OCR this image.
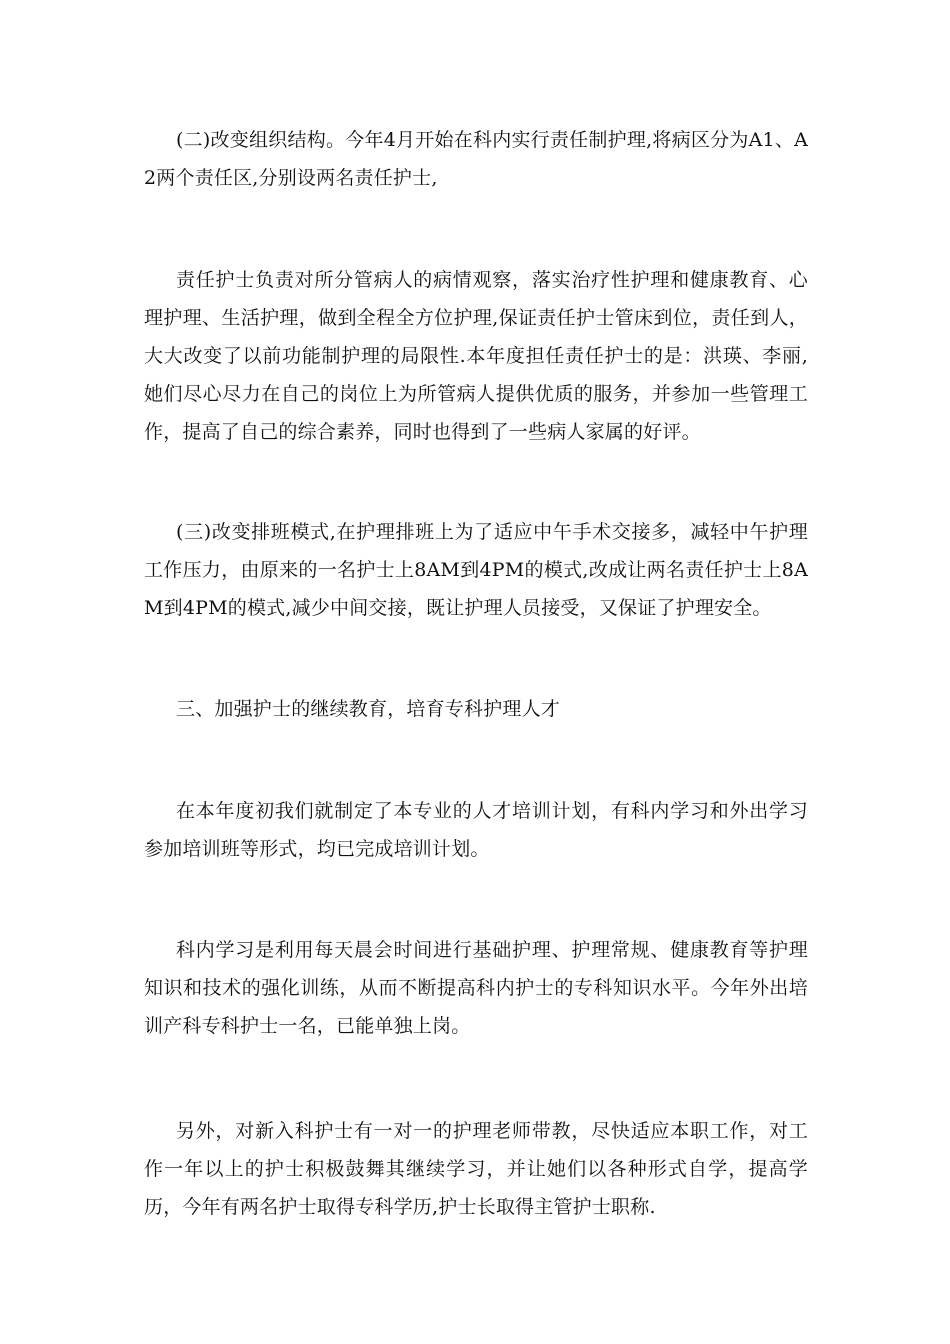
(二)改变组织结构。今年4月开始在科内实行责任制护理,将病区分为A1、A2两个责任区,分别设两名责任护士,

责任护士负责对所分管病人的病情观察，落实治疗性护理和健康教育、心理护理、生活护理，做到全程全方位护理,保证责任护士管床到位，责任到人，大大改变了以前功能制护理的局限性.本年度担任责任护士的是：洪瑛、李丽,她们尽心尽力在自己的岗位上为所管病人提供优质的服务，并参加一些管理工作，提高了自己的综合素养，同时也得到了一些病人家属的好评。

(三)改变排班模式,在护理排班上为了适应中午手术交接多，减轻中午护理工作压力，由原来的一名护士上8AM到4PM的模式,改成让两名责任护士上8AM到4PM的模式,减少中间交接，既让护理人员接受，又保证了护理安全。

三、加强护士的继续教育，培育专科护理人才

在本年度初我们就制定了本专业的人才培训计划，有科内学习和外出学习参加培训班等形式，均已完成培训计划。

科内学习是利用每天晨会时间进行基础护理、护理常规、健康教育等护理知识和技术的强化训练，从而不断提高科内护士的专科知识水平。今年外出培训产科专科护士一名，已能单独上岗。

另外，对新入科护士有一对一的护理老师带教，尽快适应本职工作，对工作一年以上的护士积极鼓舞其继续学习，并让她们以各种形式自学，提高学历，今年有两名护士取得专科学历,护士长取得主管护士职称.
